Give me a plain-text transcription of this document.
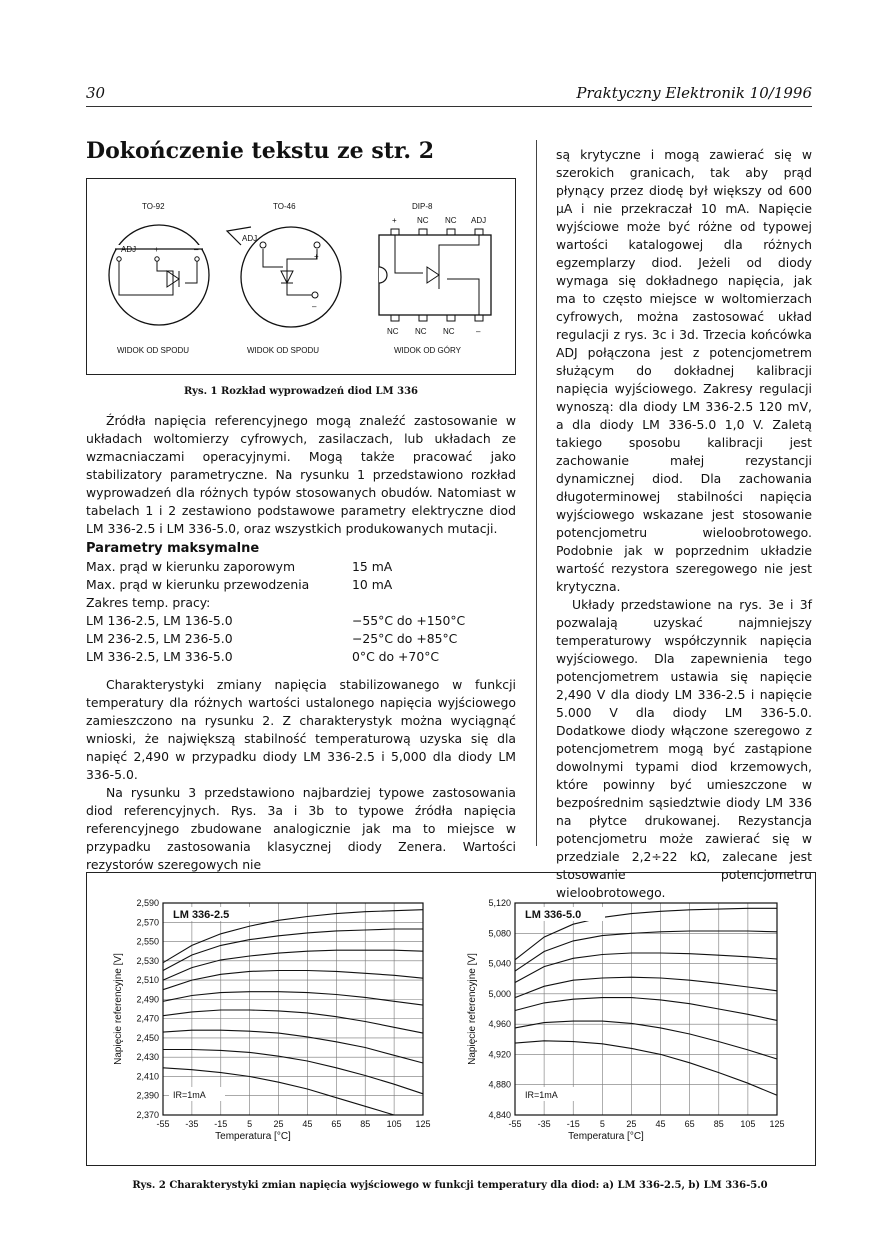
30	Praktyczny Elektronik 10/1996
Dokończenie tekstu ze str. 2
TO-92
ADJ +	–
WIDOK OD SPODU
TO-46
ADJ
–
+
WIDOK OD SPODU
DIP-8
+	NC NC ADJ
NC NC NC	–
WIDOK OD GÓRY
Rys. 1 Rozkład wyprowadzeń diod LM 336

Źródła napięcia referencyjnego mogą znaleźć zastosowanie w układach woltomierzy cyfrowych, zasilaczach, lub układach ze wzmacniaczami operacyjnymi. Mogą także pracować jako stabilizatory parametryczne. Na rysunku 1 przedstawiono rozkład wyprowadzeń dla różnych typów stosowanych obudów. Natomiast w tabelach 1 i 2 zestawiono podstawowe parametry elektryczne diod LM 336-2.5 i LM 336-5.0, oraz wszystkich produkowanych mutacji.

Parametry maksymalne
Max. prąd w kierunku zaporowym	15 mA
Max. prąd w kierunku przewodzenia	10 mA
Zakres temp. pracy:
LM 136-2.5, LM 136-5.0	−55°C do +150°C
LM 236-2.5, LM 236-5.0	−25°C do +85°C
LM 336-2.5, LM 336-5.0	0°C do +70°C

Charakterystyki zmiany napięcia stabilizowanego w funkcji temperatury dla różnych wartości ustalonego napięcia wyjściowego zamieszczono na rysunku 2. Z charakterystyk można wyciągnąć wnioski, że największą stabilność temperaturową uzyska się dla napięć 2,490 w przypadku diody LM 336-2.5 i 5,000 dla diody LM 336-5.0.

Na rysunku 3 przedstawiono najbardziej typowe zastosowania diod referencyjnych. Rys. 3a i 3b to typowe źródła napięcia referencyjnego zbudowane analogicznie jak ma to miejsce w przypadku zastosowania klasycznej diody Zenera. Wartości rezystorów szeregowych nie

są krytyczne i mogą zawierać się w szerokich granicach, tak aby prąd płynący przez diodę był większy od 600 μA i nie przekraczał 10 mA. Napięcie wyjściowe może być różne od typowej wartości katalogowej dla różnych egzemplarzy diod. Jeżeli od diody wymaga się dokładnego napięcia, jak ma to często miejsce w woltomierzach cyfrowych, można zastosować układ regulacji z rys. 3c i 3d. Trzecia końcówka ADJ połączona jest z potencjometrem służącym do dokładnej kalibracji napięcia wyjściowego. Zakresy regulacji wynoszą: dla diody LM 336-2.5 120 mV, a dla diody LM 336-5.0 1,0 V. Zaletą takiego sposobu kalibracji jest zachowanie małej rezystancji dynamicznej diod. Dla zachowania długoterminowej stabilności napięcia wyjściowego wskazane jest stosowanie potencjometru wieloobrotowego. Podobnie jak w poprzednim układzie wartość rezystora szeregowego nie jest krytyczna.

Układy przedstawione na rys. 3e i 3f pozwalają uzyskać najmniejszy temperaturowy współczynnik napięcia wyjściowego. Dla zapewnienia tego potencjometrem ustawia się napięcie 2,490 V dla diody LM 336-2.5 i napięcie 5.000 V dla diody LM 336-5.0. Dodatkowe diody włączone szeregowo z potencjometrem mogą być zastąpione dowolnymi typami diod krzemowych, które powinny być umieszczone w bezpośrednim sąsiedztwie diody LM 336 na płytce drukowanej. Rezystancja potencjometru może zawierać się w przedziale 2,2÷22 kΩ, zalecane jest stosowanie potencjometru wieloobrotowego.

-55 -35 -15 5 25 45 65 85 105 125
2,590
2,570
2,550
2,530
2,510
2,490
2,470
2,450
2,430
2,410
2,390
2,370
LM 336-2.5
IR=1mA
Temperatura [°C]
Napięcie referencyjne [V]
-55 -35 -15 5 25 45 65 85 105 125
5,120
5,080
5,040
5,000
4,960
4,920
4,880
4,840
LM 336-5.0
IR=1mA
Temperatura [°C]
Napięcie referencyjne [V]
Rys. 2 Charakterystyki zmian napięcia wyjściowego w funkcji temperatury dla diod: a) LM 336-2.5, b) LM 336-5.0
